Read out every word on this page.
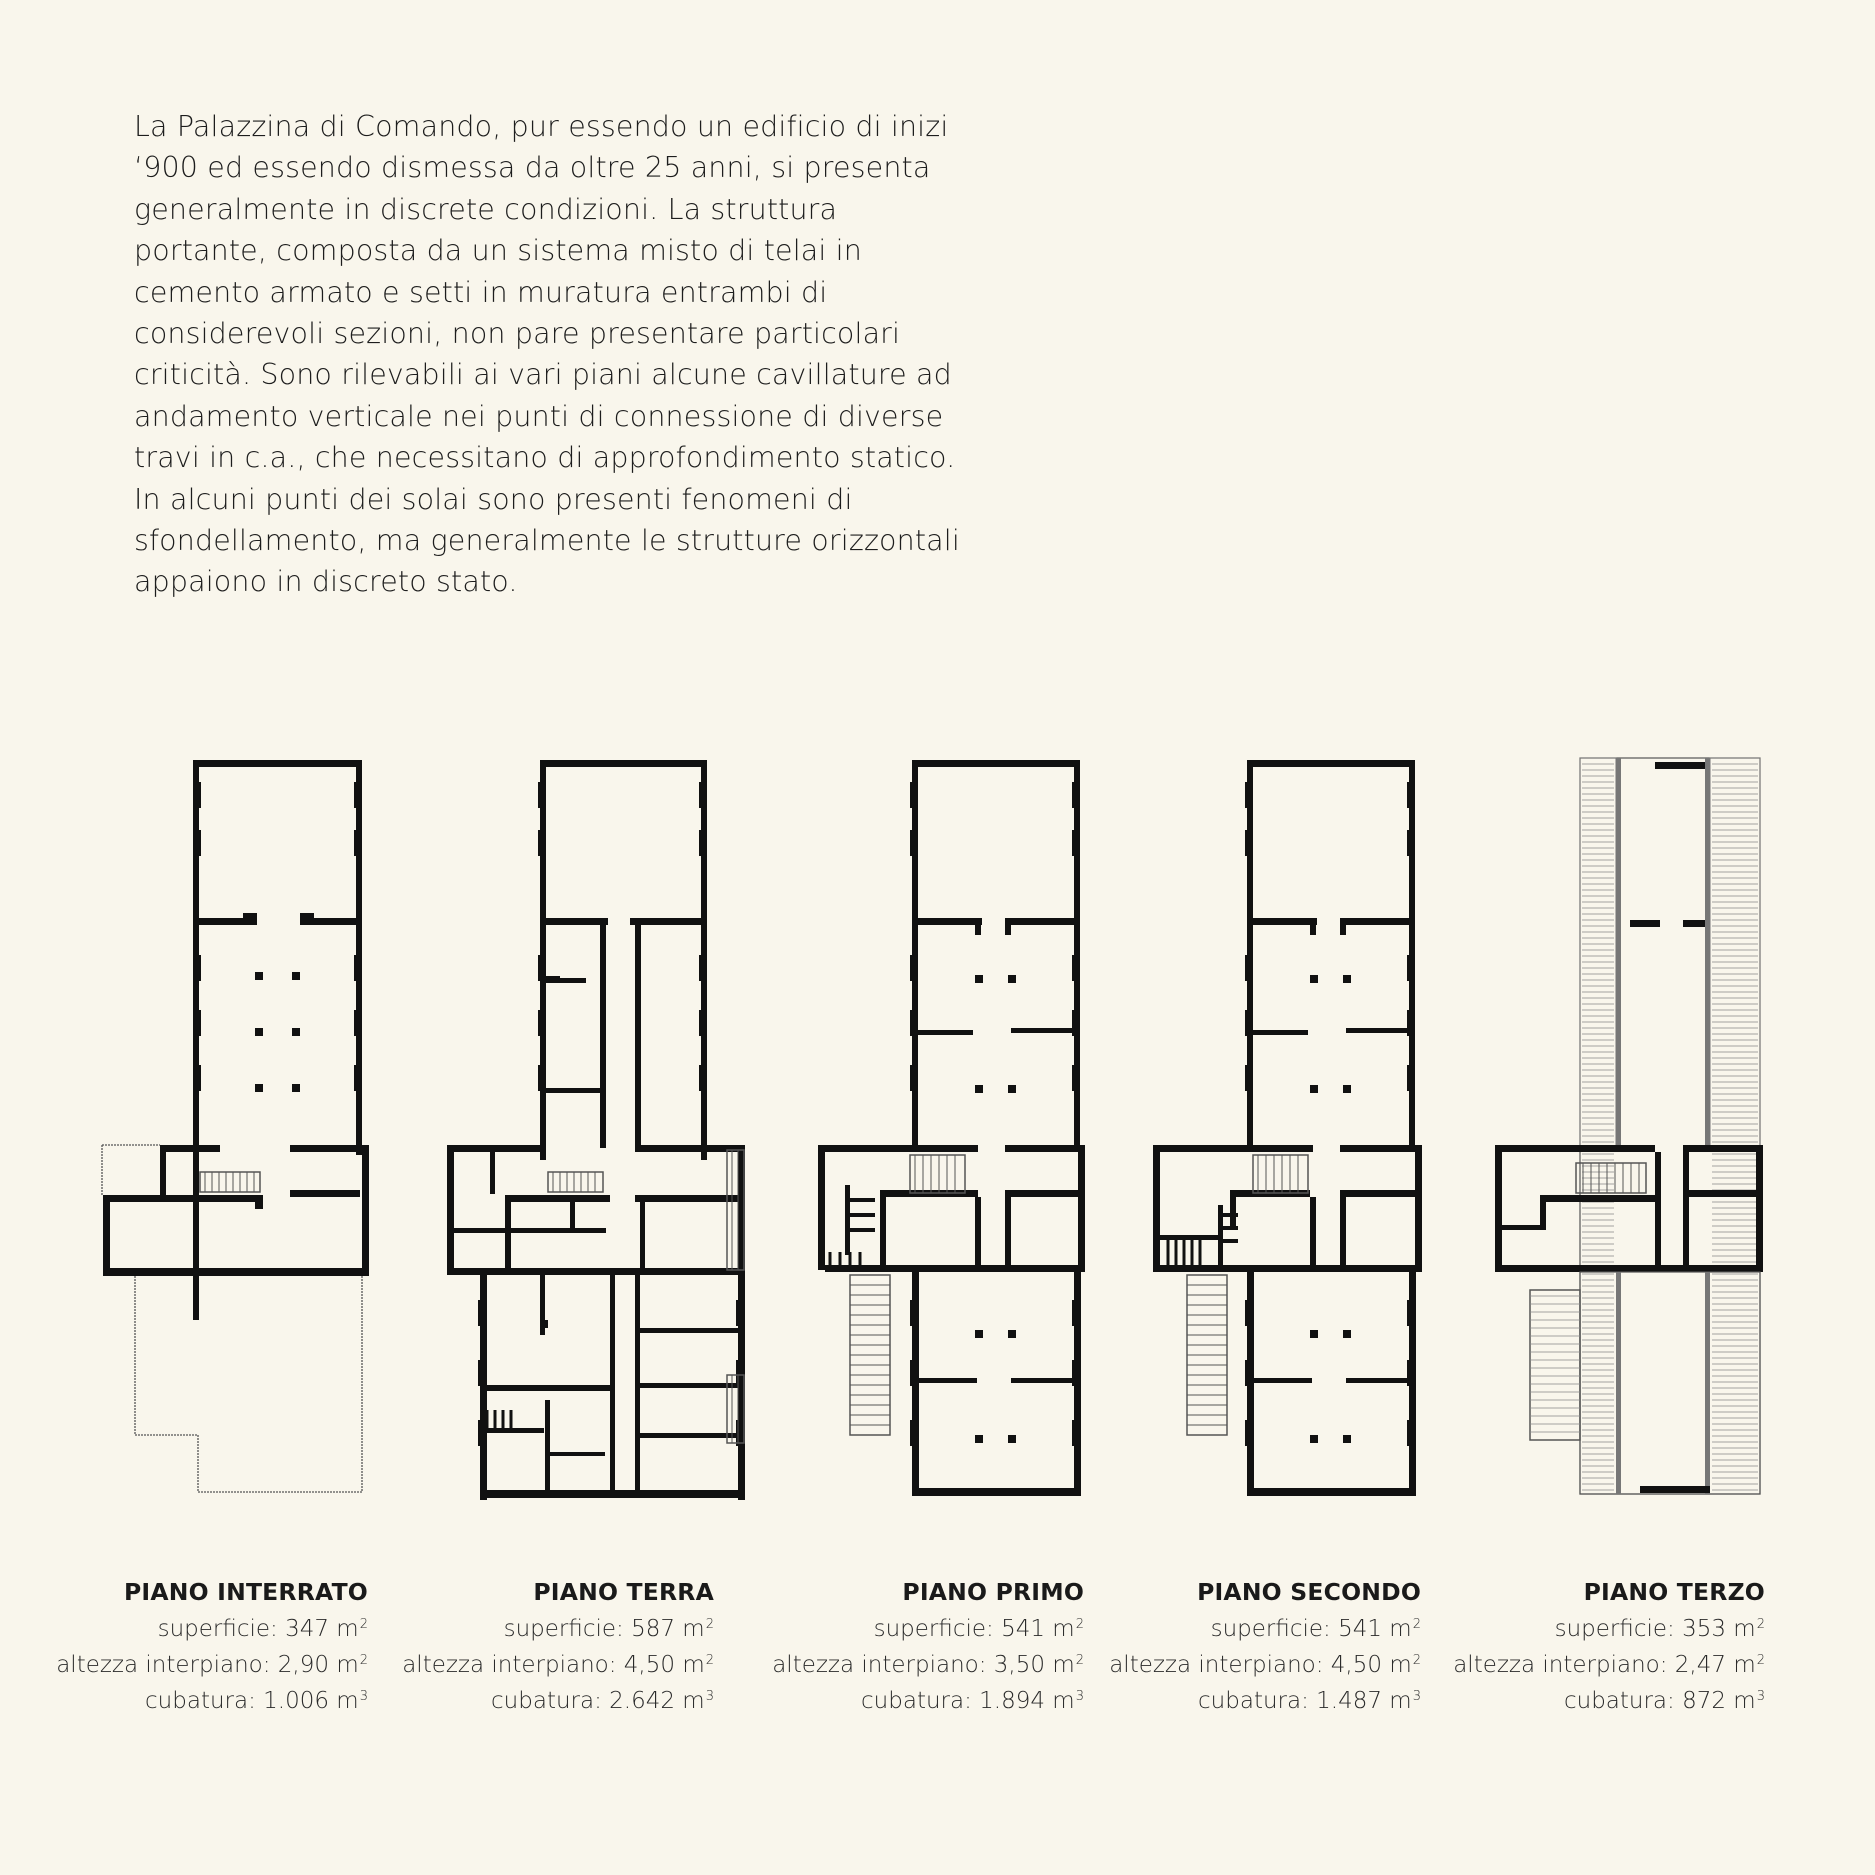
La Palazzina di Comando, pur essendo un edificio di inizi
‘900 ed essendo dismessa da oltre 25 anni, si presenta
generalmente in discrete condizioni. La struttura
portante, composta da un sistema misto di telai in
cemento armato e setti in muratura entrambi di
considerevoli sezioni, non pare presentare particolari
criticità. Sono rilevabili ai vari piani alcune cavillature ad
andamento verticale nei punti di connessione di diverse
travi in c.a., che necessitano di approfondimento statico.
In alcuni punti dei solai sono presenti fenomeni di
sfondellamento, ma generalmente le strutture orizzontali
appaiono in discreto stato.
PIANO INTERRATO
superficie: 347 $m^2$
altezza interpiano: 2,90 $m^2$
cubatura: 1.006 $m^3$
PIANO TERRA
superficie: 587 $m^2$
altezza interpiano: 4,50 $m^2$
cubatura: 2.642 $m^3$
PIANO PRIMO
superficie: 541 $m^2$
altezza interpiano: 3,50 $m^2$
cubatura: 1.894 $m^3$
PIANO SECONDO
superficie: 541 $m^2$
altezza interpiano: 4,50 $m^2$
cubatura: 1.487 $m^3$
PIANO TERZO
superficie: 353 $m^2$
altezza interpiano: 2,47 $m^2$
cubatura: 872 $m^3$
